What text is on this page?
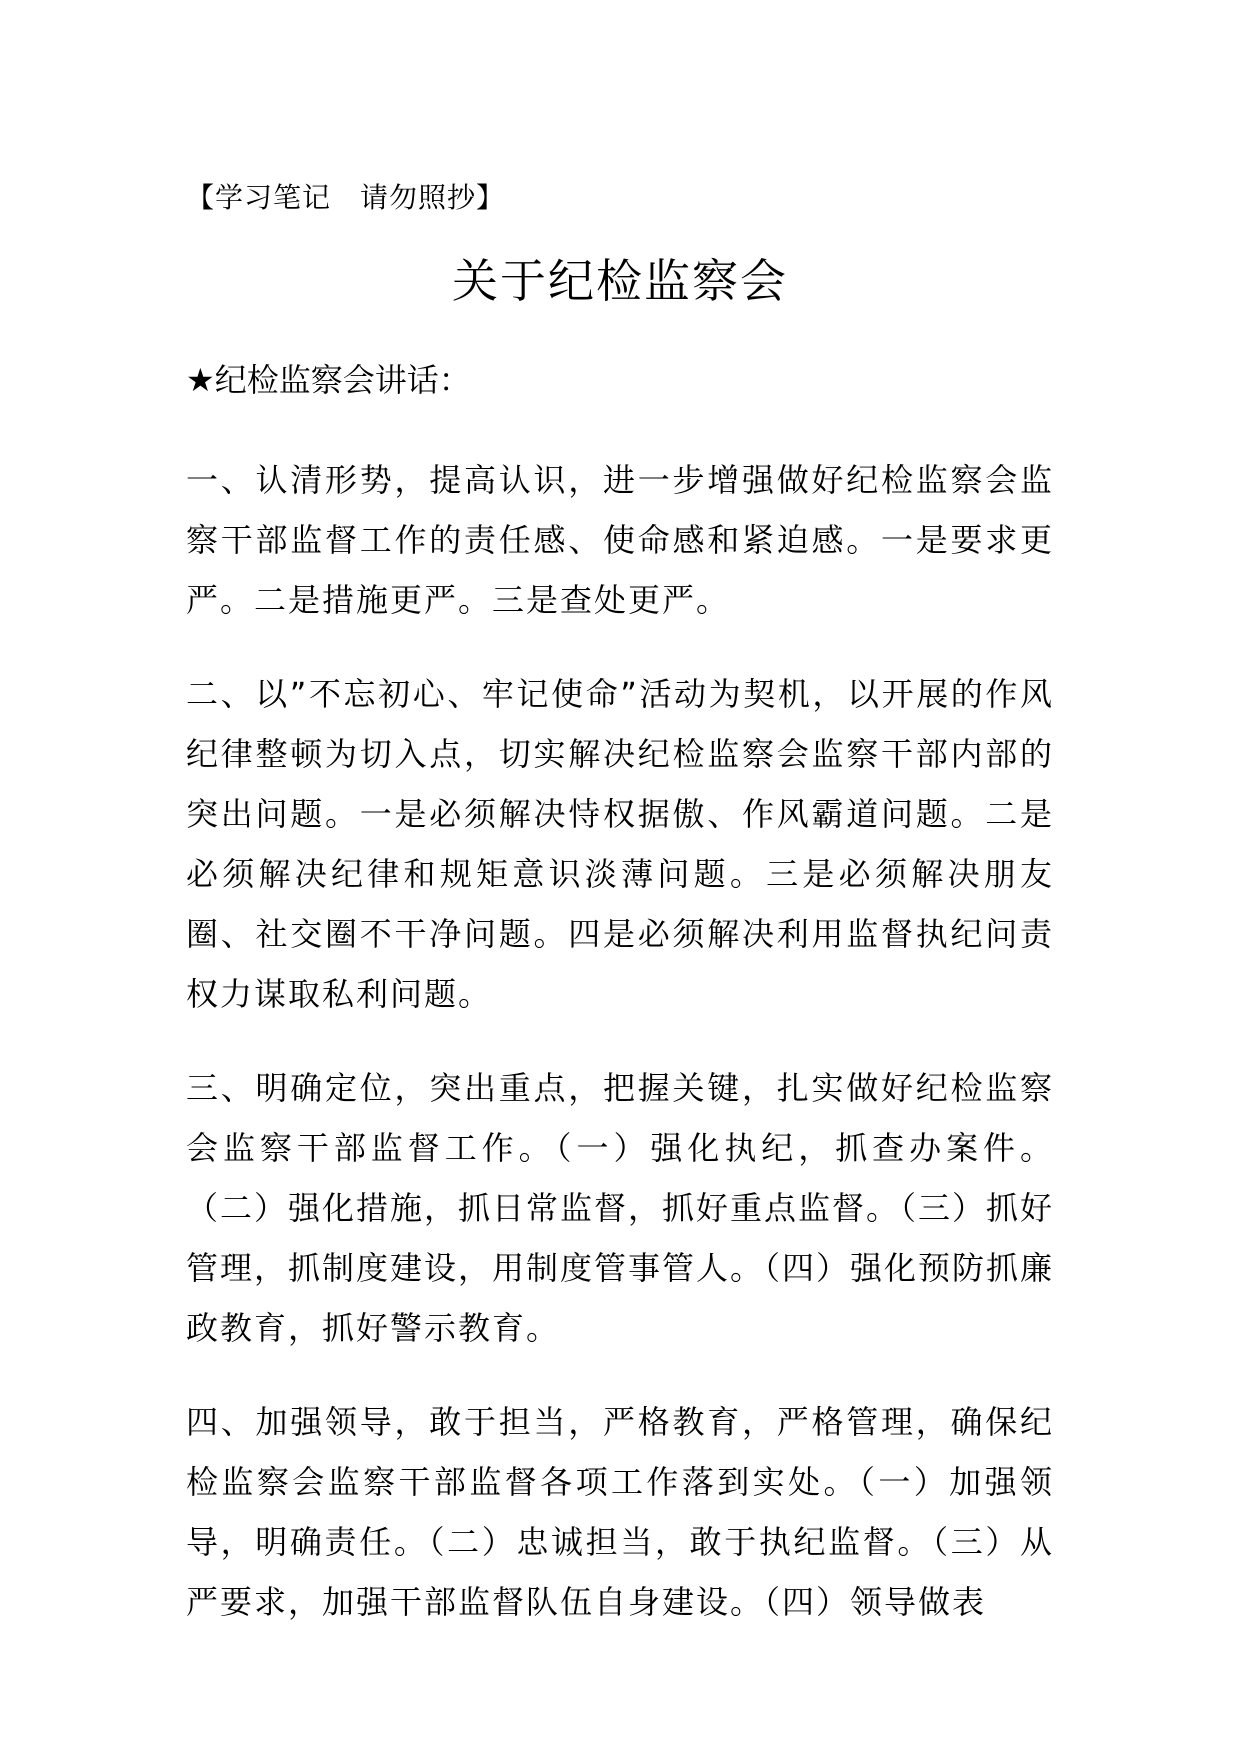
【学习笔记　请勿照抄】
关于纪检监察会
★纪检监察会讲话：

一、认清形势，提高认识，进一步增强做好纪检监察会监察干部监督工作的责任感、使命感和紧迫感。一是要求更严。二是措施更严。三是查处更严。

二、以”不忘初心、牢记使命”活动为契机，以开展的作风纪律整顿为切入点，切实解决纪检监察会监察干部内部的突出问题。一是必须解决恃权据傲、作风霸道问题。二是必须解决纪律和规矩意识淡薄问题。三是必须解决朋友圈、社交圈不干净问题。四是必须解决利用监督执纪问责权力谋取私利问题。

三、明确定位，突出重点，把握关键，扎实做好纪检监察会监察干部监督工作。（一）强化执纪，抓查办案件。（二）强化措施，抓日常监督，抓好重点监督。（三）抓好管理，抓制度建设，用制度管事管人。（四）强化预防抓廉政教育，抓好警示教育。

四、加强领导，敢于担当，严格教育，严格管理，确保纪检监察会监察干部监督各项工作落到实处。（一）加强领导，明确责任。（二）忠诚担当，敢于执纪监督。（三）从严要求，加强干部监督队伍自身建设。（四）领导做表
